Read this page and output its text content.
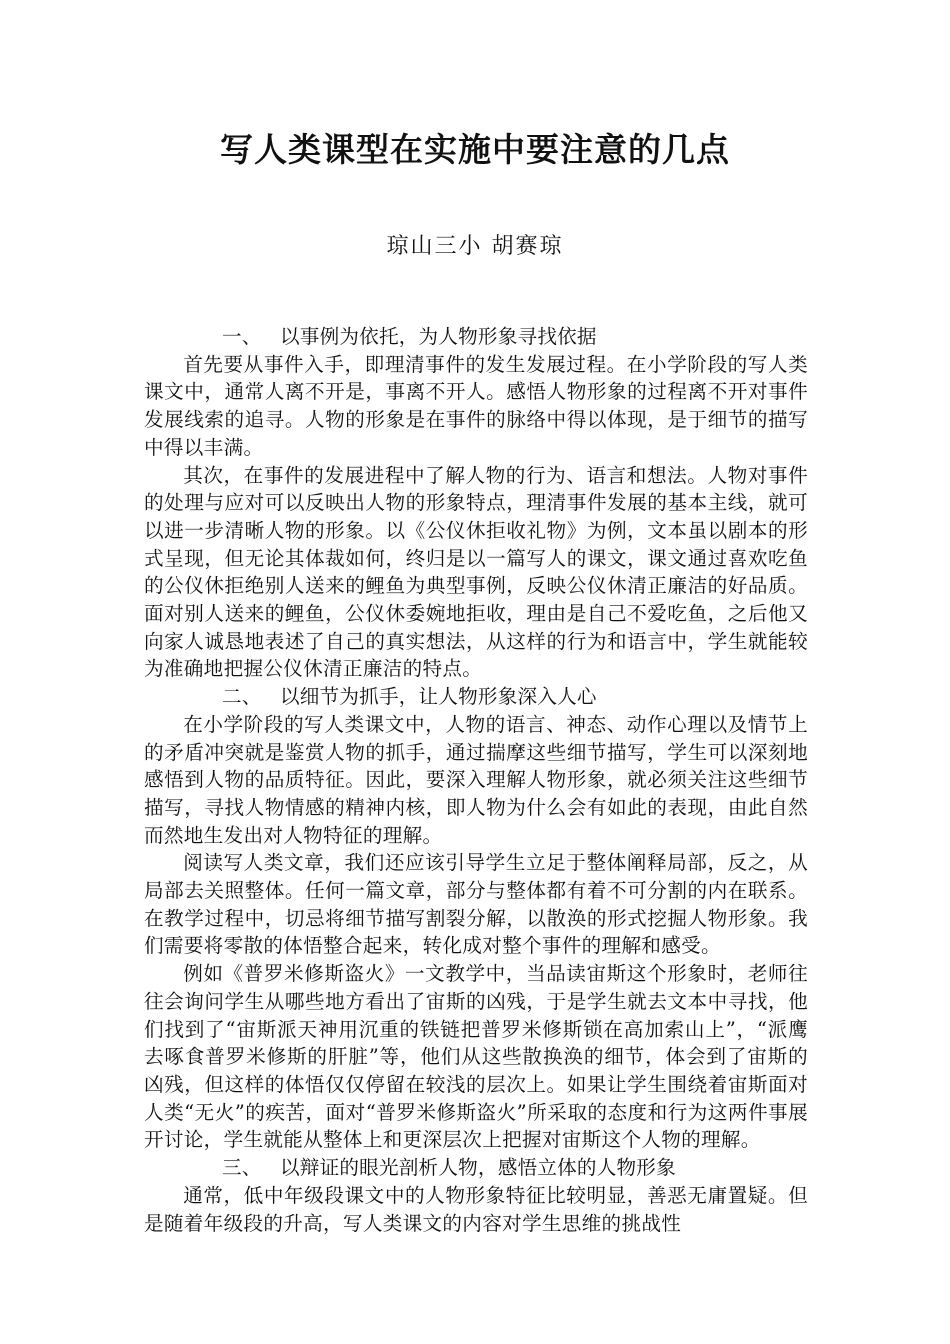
写人类课型在实施中要注意的几点
琼山三小 胡赛琼

一、 以事例为依托，为人物形象寻找依据

首先要从事件入手，即理清事件的发生发展过程。在小学阶段的写人类课文中，通常人离不开是，事离不开人。感悟人物形象的过程离不开对事件发展线索的追寻。人物的形象是在事件的脉络中得以体现，是于细节的描写中得以丰满。

其次，在事件的发展进程中了解人物的行为、语言和想法。人物对事件的处理与应对可以反映出人物的形象特点，理清事件发展的基本主线，就可以进一步清晰人物的形象。以《公仪休拒收礼物》为例，文本虽以剧本的形式呈现，但无论其体裁如何，终归是以一篇写人的课文，课文通过喜欢吃鱼的公仪休拒绝别人送来的鲤鱼为典型事例，反映公仪休清正廉洁的好品质。面对别人送来的鲤鱼，公仪休委婉地拒收，理由是自己不爱吃鱼，之后他又向家人诚恳地表述了自己的真实想法，从这样的行为和语言中，学生就能较为准确地把握公仪休清正廉洁的特点。

二、 以细节为抓手，让人物形象深入人心

在小学阶段的写人类课文中，人物的语言、神态、动作心理以及情节上的矛盾冲突就是鉴赏人物的抓手，通过揣摩这些细节描写，学生可以深刻地感悟到人物的品质特征。因此，要深入理解人物形象，就必须关注这些细节描写，寻找人物情感的精神内核，即人物为什么会有如此的表现，由此自然而然地生发出对人物特征的理解。

阅读写人类文章，我们还应该引导学生立足于整体阐释局部，反之，从局部去关照整体。任何一篇文章，部分与整体都有着不可分割的内在联系。在教学过程中，切忌将细节描写割裂分解，以散涣的形式挖掘人物形象。我们需要将零散的体悟整合起来，转化成对整个事件的理解和感受。

例如《普罗米修斯盗火》一文教学中，当品读宙斯这个形象时，老师往往会询问学生从哪些地方看出了宙斯的凶残，于是学生就去文本中寻找，他们找到了“宙斯派天神用沉重的铁链把普罗米修斯锁在高加索山上”，“派鹰去啄食普罗米修斯的肝脏”等，他们从这些散换涣的细节，体会到了宙斯的凶残，但这样的体悟仅仅停留在较浅的层次上。如果让学生围绕着宙斯面对人类“无火”的疾苦，面对“普罗米修斯盗火”所采取的态度和行为这两件事展开讨论，学生就能从整体上和更深层次上把握对宙斯这个人物的理解。

三、 以辩证的眼光剖析人物，感悟立体的人物形象

通常，低中年级段课文中的人物形象特征比较明显，善恶无庸置疑。但是随着年级段的升高，写人类课文的内容对学生思维的挑战性
